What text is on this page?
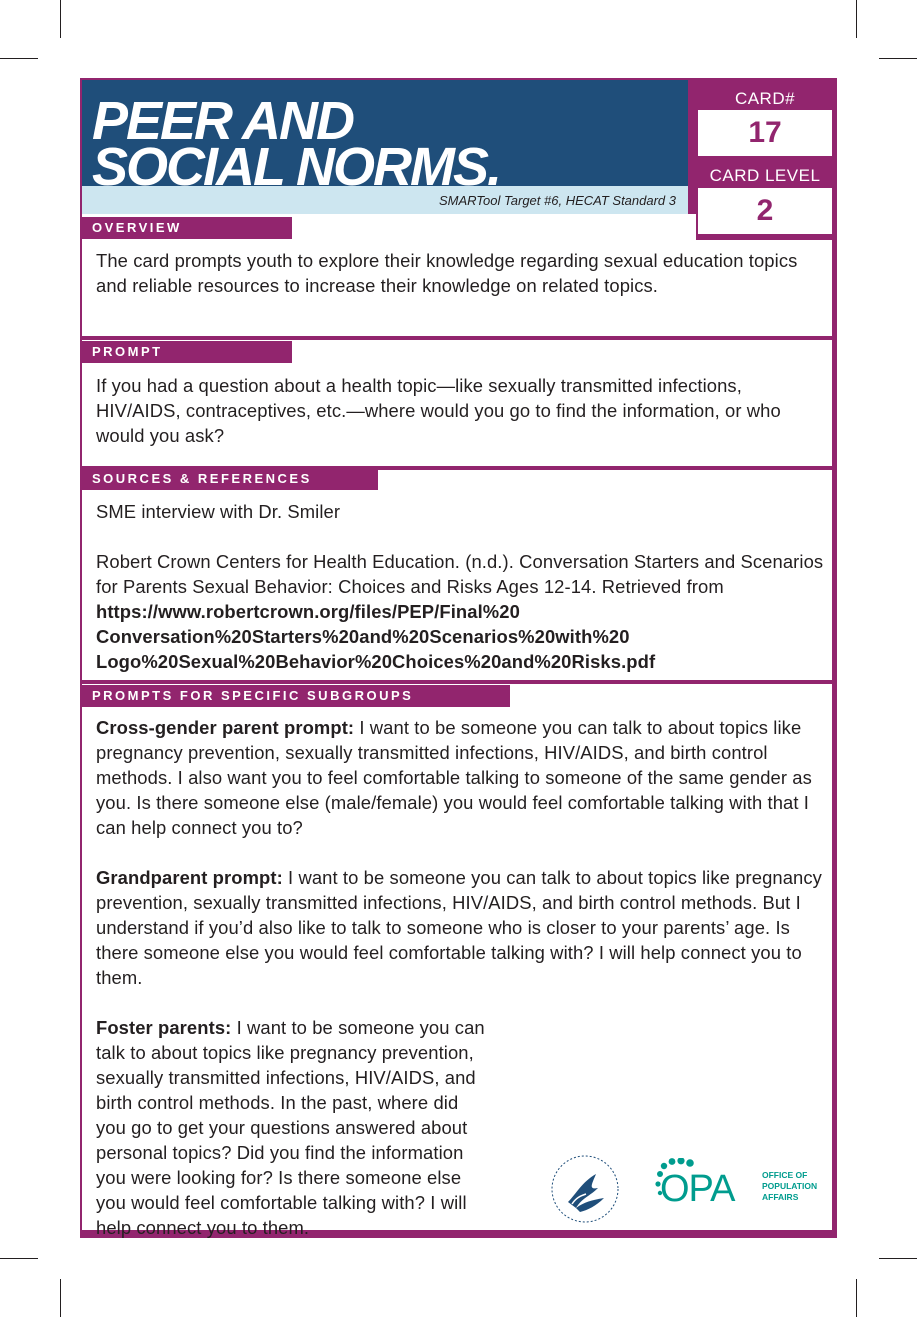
PEER AND
SOCIAL NORMS.
SMARTool Target #6, HECAT Standard 3
CARD#
17
CARD LEVEL
2
OVERVIEW

The card prompts youth to explore their knowledge regarding sexual education topics and reliable resources to increase their knowledge on related topics.

PROMPT

If you had a question about a health topic—like sexually transmitted infections, HIV/AIDS, contraceptives, etc.—where would you go to find the information, or who would you ask?

SOURCES & REFERENCES

SME interview with Dr. Smiler

Robert Crown Centers for Health Education. (n.d.). Conversation Starters and Scenarios for Parents Sexual Behavior: Choices and Risks Ages 12-14. Retrieved from https://www.robertcrown.org/files/PEP/Final%20 Conversation%20Starters%20and%20Scenarios%20with%20 Logo%20Sexual%20Behavior%20Choices%20and%20Risks.pdf

PROMPTS FOR SPECIFIC SUBGROUPS

Cross-gender parent prompt: I want to be someone you can talk to about topics like pregnancy prevention, sexually transmitted infections, HIV/AIDS, and birth control methods. I also want you to feel comfortable talking to someone of the same gender as you. Is there someone else (male/female) you would feel comfortable talking with that I can help connect you to?

Grandparent prompt: I want to be someone you can talk to about topics like pregnancy prevention, sexually transmitted infections, HIV/AIDS, and birth control methods. But I understand if you’d also like to talk to someone who is closer to your parents’ age. Is there someone else you would feel comfortable talking with? I will help connect you to them.

Foster parents: I want to be someone you can talk to about topics like pregnancy prevention, sexually transmitted infections, HIV/AIDS, and birth control methods. In the past, where did you go to get your questions answered about personal topics? Did you find the information you were looking for? Is there someone else you would feel comfortable talking with? I will help connect you to them.

OPA	OFFICE OF
POPULATION
AFFAIRS
